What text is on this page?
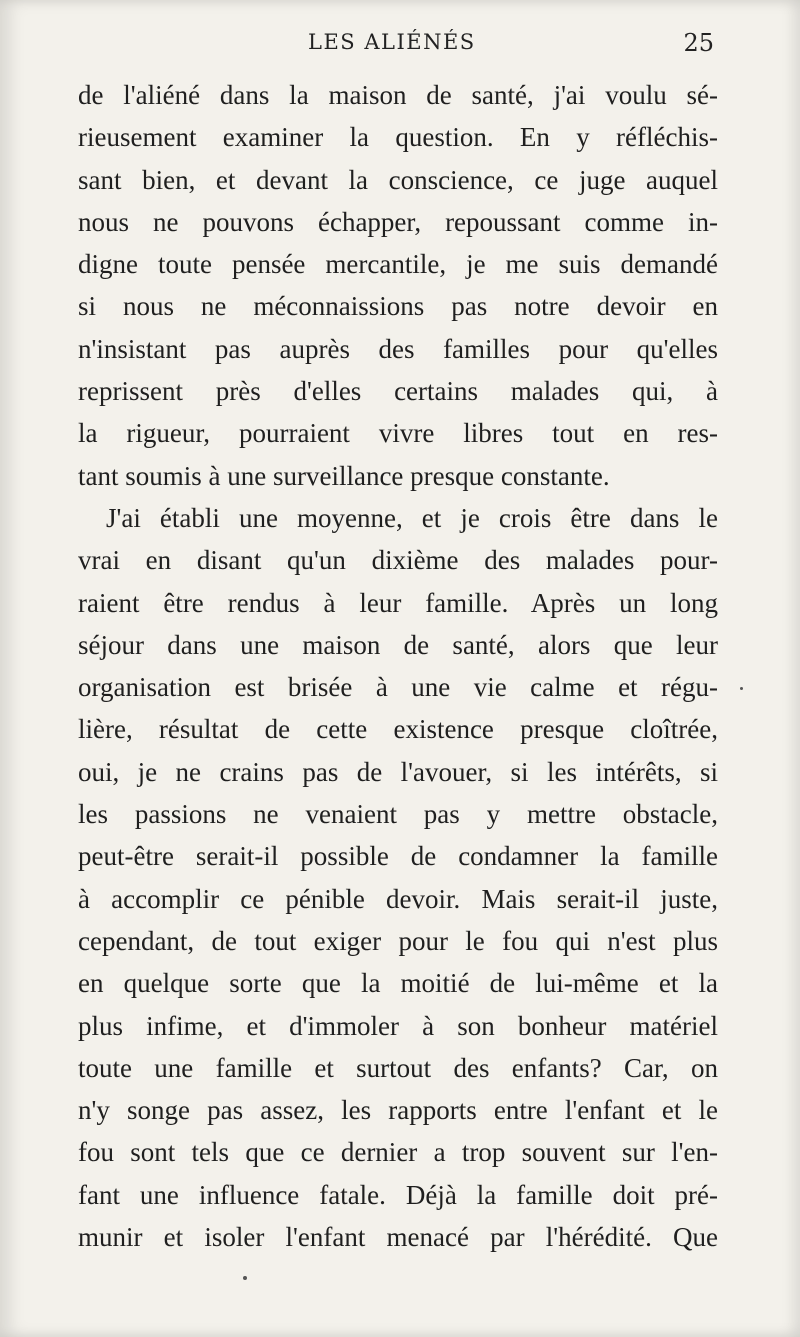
LES ALIÉNÉS	25
de l'aliéné dans la maison de santé, j'ai voulu sé-
rieusement examiner la question. En y réfléchis-
sant bien, et devant la conscience, ce juge auquel
nous ne pouvons échapper, repoussant comme in-
digne toute pensée mercantile, je me suis demandé
si nous ne méconnaissions pas notre devoir en
n'insistant pas auprès des familles pour qu'elles
reprissent près d'elles certains malades qui, à
la rigueur, pourraient vivre libres tout en res-
tant soumis à une surveillance presque constante.
J'ai établi une moyenne, et je crois être dans le
vrai en disant qu'un dixième des malades pour-
raient être rendus à leur famille. Après un long
séjour dans une maison de santé, alors que leur
organisation est brisée à une vie calme et régu-
lière, résultat de cette existence presque cloîtrée,
oui, je ne crains pas de l'avouer, si les intérêts, si
les passions ne venaient pas y mettre obstacle,
peut-être serait-il possible de condamner la famille
à accomplir ce pénible devoir. Mais serait-il juste,
cependant, de tout exiger pour le fou qui n'est plus
en quelque sorte que la moitié de lui-même et la
plus infime, et d'immoler à son bonheur matériel
toute une famille et surtout des enfants? Car, on
n'y songe pas assez, les rapports entre l'enfant et le
fou sont tels que ce dernier a trop souvent sur l'en-
fant une influence fatale. Déjà la famille doit pré-
munir et isoler l'enfant menacé par l'hérédité. Que
